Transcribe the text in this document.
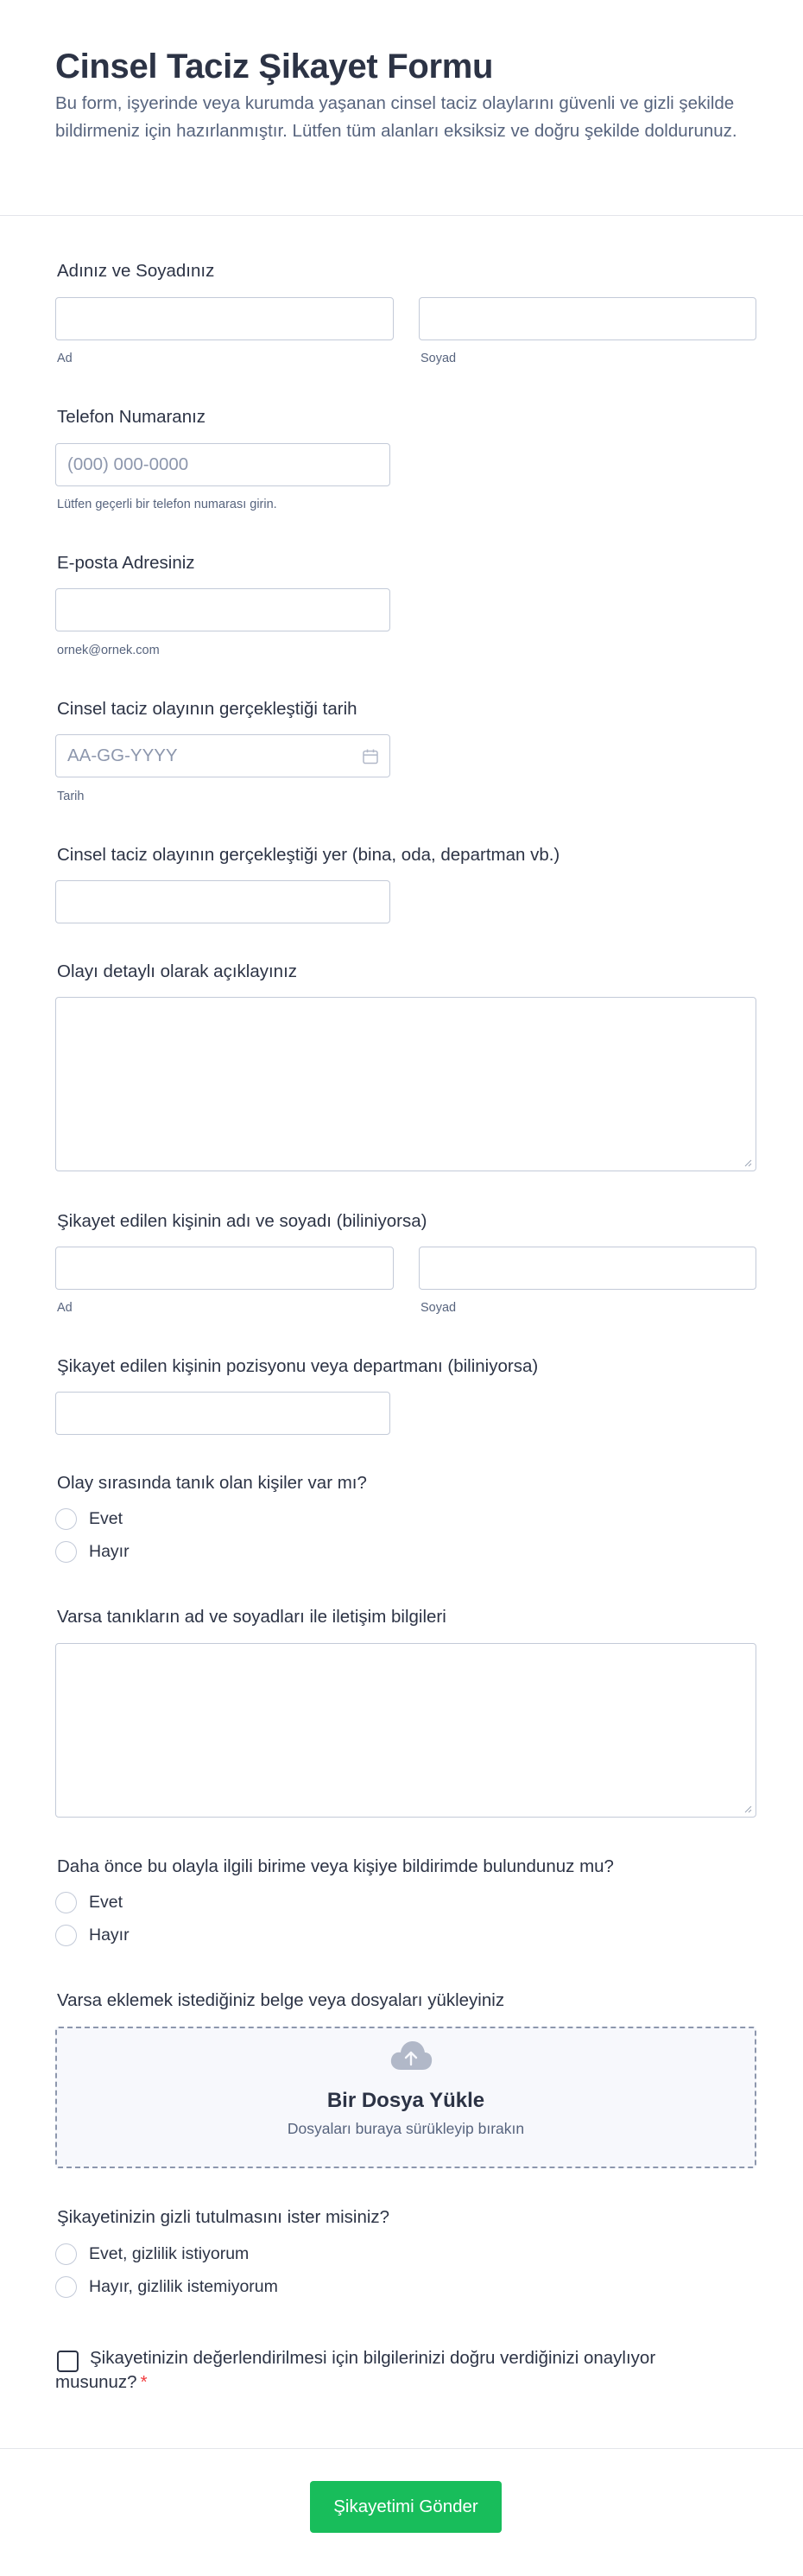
Cinsel Taciz Şikayet Formu

Bu form, işyerinde veya kurumda yaşanan cinsel taciz olaylarını güvenli ve gizli şekilde bildirmeniz için hazırlanmıştır. Lütfen tüm alanları eksiksiz ve doğru şekilde doldurunuz.

Adınız ve Soyadınız
Ad	Soyad
Telefon Numaranız
(000) 000-0000
Lütfen geçerli bir telefon numarası girin.
E-posta Adresiniz
ornek@ornek.com
Cinsel taciz olayının gerçekleştiği tarih
AA-GG-YYYY
Tarih
Cinsel taciz olayının gerçekleştiği yer (bina, oda, departman vb.)
Olayı detaylı olarak açıklayınız
Şikayet edilen kişinin adı ve soyadı (biliniyorsa)
Ad	Soyad
Şikayet edilen kişinin pozisyonu veya departmanı (biliniyorsa)
Olay sırasında tanık olan kişiler var mı?
Evet
Hayır
Varsa tanıkların ad ve soyadları ile iletişim bilgileri
Daha önce bu olayla ilgili birime veya kişiye bildirimde bulundunuz mu?
Evet
Hayır
Varsa eklemek istediğiniz belge veya dosyaları yükleyiniz
Bir Dosya Yükle
Dosyaları buraya sürükleyip bırakın
Şikayetinizin gizli tutulmasını ister misiniz?
Evet, gizlilik istiyorum
Hayır, gizlilik istemiyorum
Şikayetinizin değerlendirilmesi için bilgilerinizi doğru verdiğinizi onaylıyor musunuz? *
Şikayetimi Gönder
